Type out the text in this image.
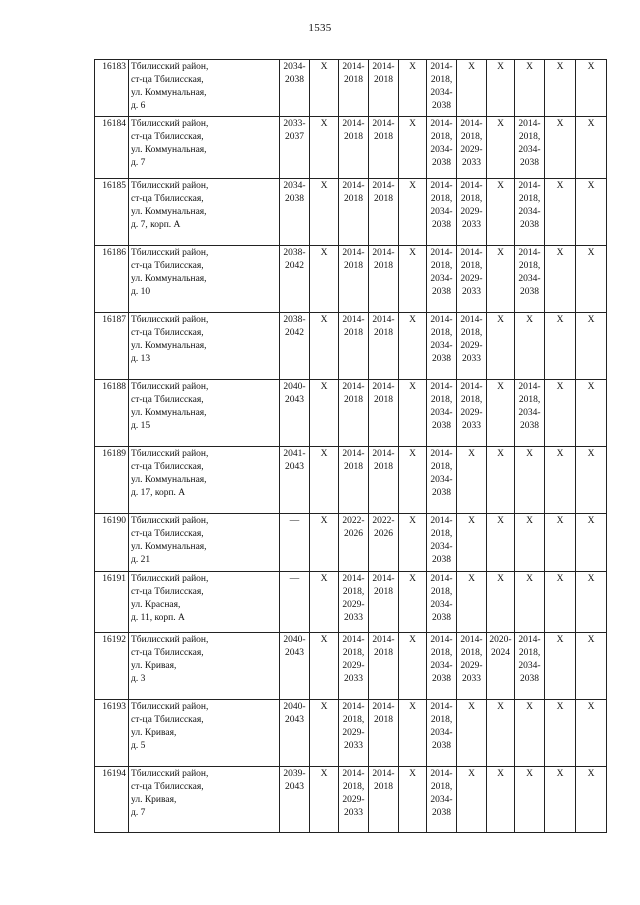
1535
16183	Тбилисский район,
ст-ца Тбилисская,
ул. Коммунальная,
д. 6	2034-
2038	X	2014-
2018	2014-
2018	X	2014-
2018,
2034-
2038	X	X	X	X	X

16184	Тбилисский район,
ст-ца Тбилисская,
ул. Коммунальная,
д. 7	2033-
2037	X	2014-
2018	2014-
2018	X	2014-
2018,
2034-
2038	2014-
2018,
2029-
2033	X	2014-
2018,
2034-
2038	X	X

16185	Тбилисский район,
ст-ца Тбилисская,
ул. Коммунальная,
д. 7, корп. А	2034-
2038	X	2014-
2018	2014-
2018	X	2014-
2018,
2034-
2038	2014-
2018,
2029-
2033	X	2014-
2018,
2034-
2038	X	X

16186	Тбилисский район,
ст-ца Тбилисская,
ул. Коммунальная,
д. 10	2038-
2042	X	2014-
2018	2014-
2018	X	2014-
2018,
2034-
2038	2014-
2018,
2029-
2033	X	2014-
2018,
2034-
2038	X	X

16187	Тбилисский район,
ст-ца Тбилисская,
ул. Коммунальная,
д. 13	2038-
2042	X	2014-
2018	2014-
2018	X	2014-
2018,
2034-
2038	2014-
2018,
2029-
2033	X	X	X	X

16188	Тбилисский район,
ст-ца Тбилисская,
ул. Коммунальная,
д. 15	2040-
2043	X	2014-
2018	2014-
2018	X	2014-
2018,
2034-
2038	2014-
2018,
2029-
2033	X	2014-
2018,
2034-
2038	X	X

16189	Тбилисский район,
ст-ца Тбилисская,
ул. Коммунальная,
д. 17, корп. А	2041-
2043	X	2014-
2018	2014-
2018	X	2014-
2018,
2034-
2038	X	X	X	X	X

16190	Тбилисский район,
ст-ца Тбилисская,
ул. Коммунальная,
д. 21	—	X	2022-
2026	2022-
2026	X	2014-
2018,
2034-
2038	X	X	X	X	X

16191	Тбилисский район,
ст-ца Тбилисская,
ул. Красная,
д. 11, корп. А	—	X	2014-
2018,
2029-
2033	2014-
2018	X	2014-
2018,
2034-
2038	X	X	X	X	X

16192	Тбилисский район,
ст-ца Тбилисская,
ул. Кривая,
д. 3	2040-
2043	X	2014-
2018,
2029-
2033	2014-
2018	X	2014-
2018,
2034-
2038	2014-
2018,
2029-
2033	2020-
2024	2014-
2018,
2034-
2038	X	X

16193	Тбилисский район,
ст-ца Тбилисская,
ул. Кривая,
д. 5	2040-
2043	X	2014-
2018,
2029-
2033	2014-
2018	X	2014-
2018,
2034-
2038	X	X	X	X	X

16194	Тбилисский район,
ст-ца Тбилисская,
ул. Кривая,
д. 7	2039-
2043	X	2014-
2018,
2029-
2033	2014-
2018	X	2014-
2018,
2034-
2038	X	X	X	X	X
